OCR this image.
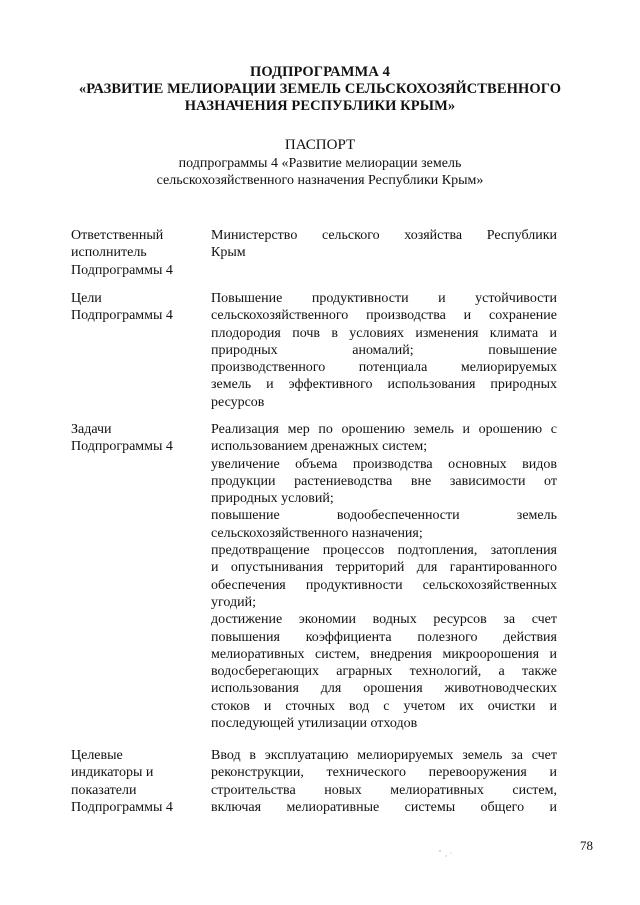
ПОДПРОГРАММА 4
«РАЗВИТИЕ МЕЛИОРАЦИИ ЗЕМЕЛЬ СЕЛЬСКОХОЗЯЙСТВЕННОГО
НАЗНАЧЕНИЯ РЕСПУБЛИКИ КРЫМ»
ПАСПОРТ
подпрограммы 4 «Развитие мелиорации земель
сельскохозяйственного назначения Республики Крым»
Ответственный
исполнитель
Подпрограммы 4
Министерство сельского хозяйства Республики
Крым
Цели
Подпрограммы 4
Повышение продуктивности и устойчивости
сельскохозяйственного производства и сохранение
плодородия почв в условиях изменения климата и
природных аномалий; повышение
производственного потенциала мелиорируемых
земель и эффективного использования природных
ресурсов
Задачи
Подпрограммы 4
Реализация мер по орошению земель и орошению с
использованием дренажных систем;
увеличение объема производства основных видов
продукции растениеводства вне зависимости от
природных условий;
повышение водообеспеченности земель
сельскохозяйственного назначения;
предотвращение процессов подтопления, затопления
и опустынивания территорий для гарантированного
обеспечения продуктивности сельскохозяйственных
угодий;
достижение экономии водных ресурсов за счет
повышения коэффициента полезного действия
мелиоративных систем, внедрения микроорошения и
водосберегающих аграрных технологий, а также
использования для орошения животноводческих
стоков и сточных вод с учетом их очистки и
последующей утилизации отходов
Целевые
индикаторы и
показатели
Подпрограммы 4
Ввод в эксплуатацию мелиорируемых земель за счет
реконструкции, технического перевооружения и
строительства новых мелиоративных систем,
включая мелиоративные системы общего и
78
